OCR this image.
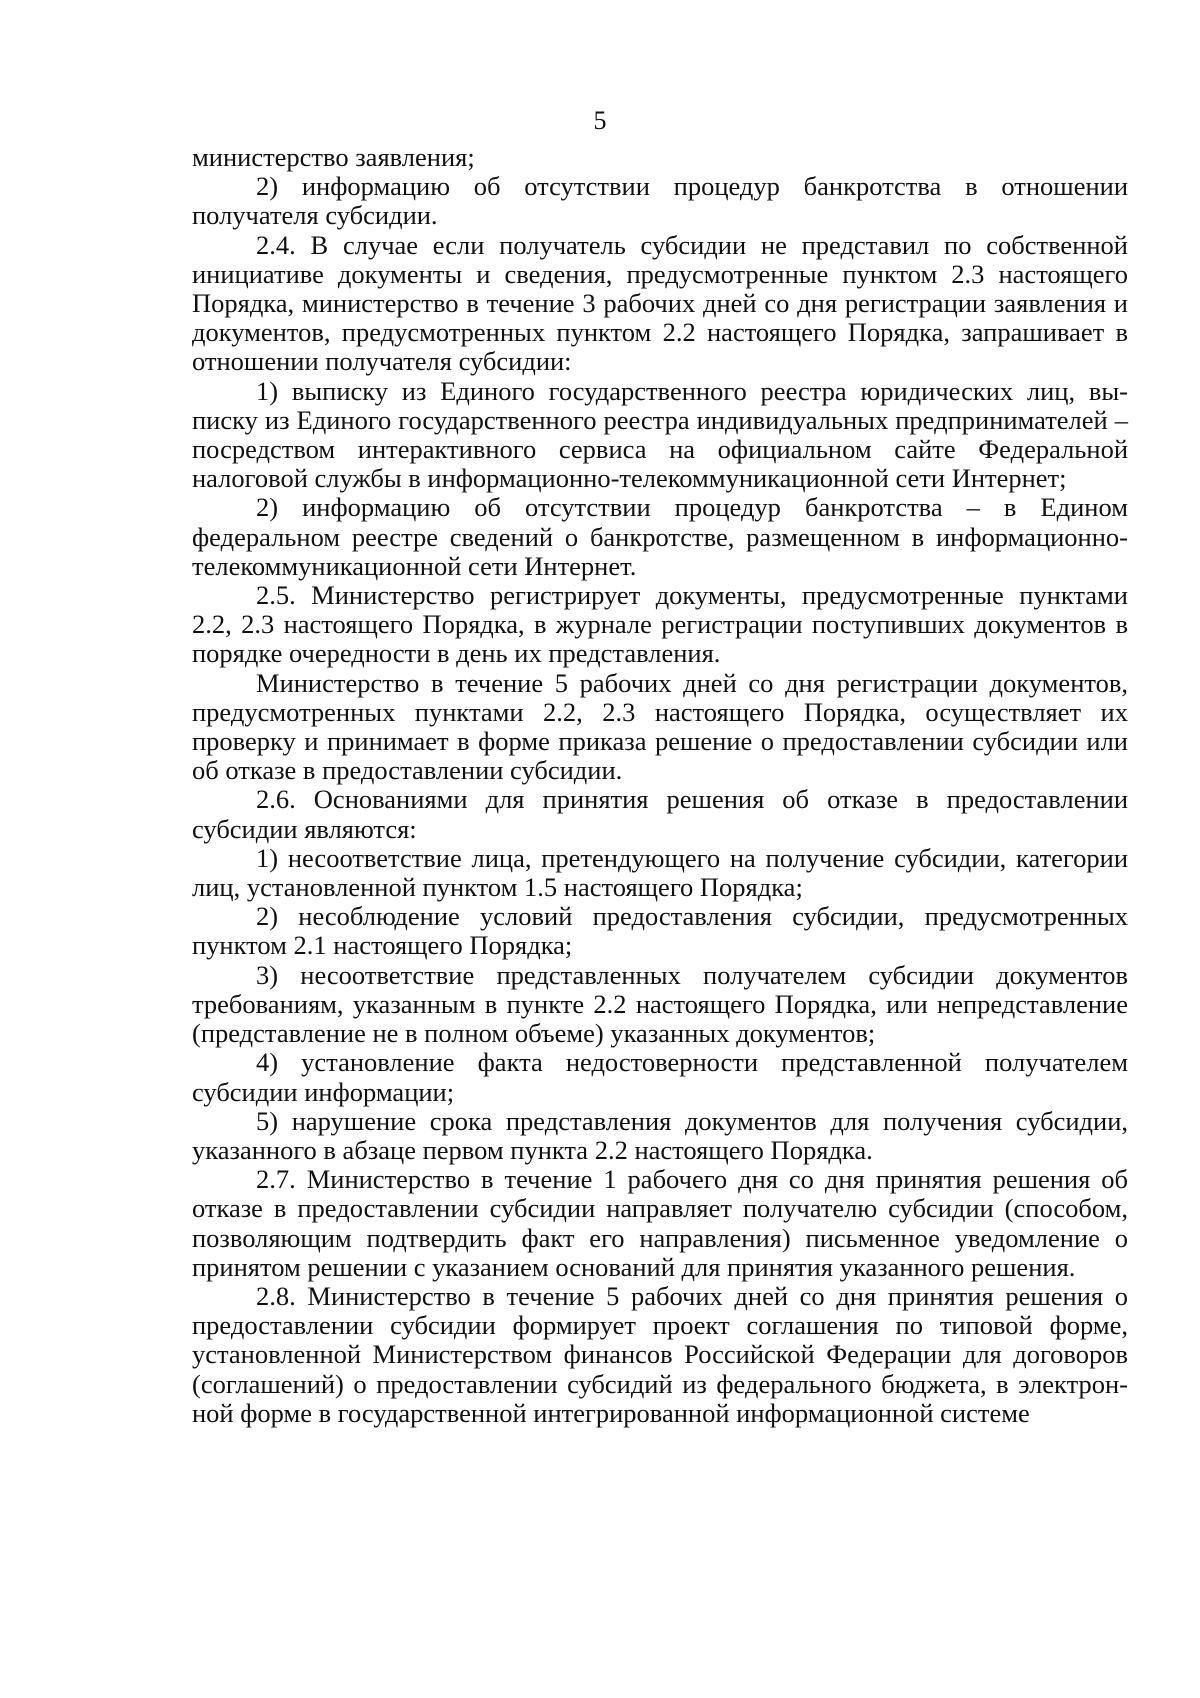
5

министерство заявления;

2) информацию об отсутствии процедур банкротства в отношении получателя субсидии.

2.4. В случае если получатель субсидии не представил по собственной инициативе документы и сведения, предусмотренные пунктом 2.3 настоящего Порядка, министерство в течение 3 рабочих дней со дня регистрации заявления и документов, предусмотренных пунктом 2.2 настоящего Порядка, запрашивает в отношении получателя субсидии:

1) выписку из Единого государственного реестра юридических лиц, выписку из Единого государственного реестра индивидуальных предпринимателей – посредством интерактивного сервиса на официальном сайте Федеральной налоговой службы в информационно-телекоммуникационной сети Интернет;

2) информацию об отсутствии процедур банкротства – в Едином федеральном реестре сведений о банкротстве, размещенном в информационно-телекоммуникационной сети Интернет.

2.5. Министерство регистрирует документы, предусмотренные пунктами 2.2, 2.3 настоящего Порядка, в журнале регистрации поступивших документов в порядке очередности в день их представления.

Министерство в течение 5 рабочих дней со дня регистрации документов, предусмотренных пунктами 2.2, 2.3 настоящего Порядка, осуществляет их проверку и принимает в форме приказа решение о предоставлении субсидии или об отказе в предоставлении субсидии.

2.6. Основаниями для принятия решения об отказе в предоставлении субсидии являются:

1) несоответствие лица, претендующего на получение субсидии, категории лиц, установленной пунктом 1.5 настоящего Порядка;

2) несоблюдение условий предоставления субсидии, предусмотренных пунктом 2.1 настоящего Порядка;

3) несоответствие представленных получателем субсидии документов требованиям, указанным в пункте 2.2 настоящего Порядка, или непредставление (представление не в полном объеме) указанных документов;

4) установление факта недостоверности представленной получателем субсидии информации;

5) нарушение срока представления документов для получения субсидии, указанного в абзаце первом пункта 2.2 настоящего Порядка.

2.7. Министерство в течение 1 рабочего дня со дня принятия решения об отказе в предоставлении субсидии направляет получателю субсидии (способом, позволяющим подтвердить факт его направления) письменное уведомление о принятом решении с указанием оснований для принятия указанного решения.

2.8. Министерство в течение 5 рабочих дней со дня принятия решения о предоставлении субсидии формирует проект соглашения по типовой форме, установленной Министерством финансов Российской Федерации для договоров (соглашений) о предоставлении субсидий из федерального бюджета, в электронной форме в государственной интегрированной информационной системе
